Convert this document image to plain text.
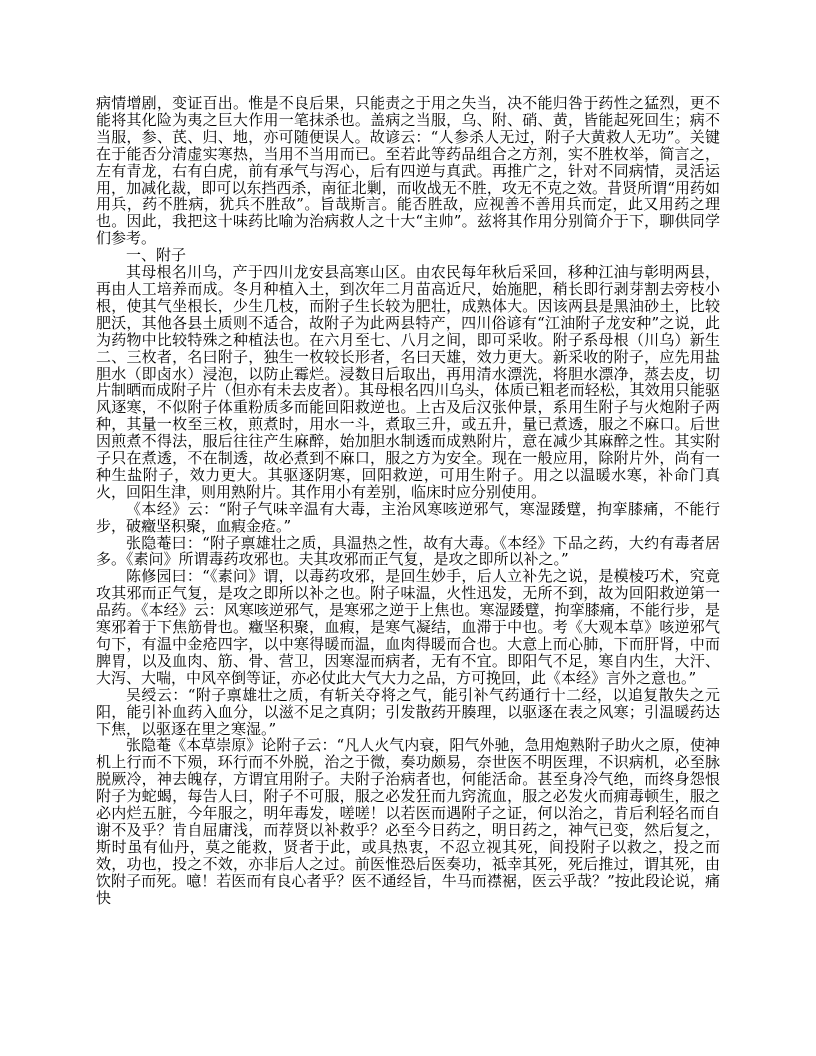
病情增剧，变证百出。惟是不良后果，只能责之于用之失当，决不能归咎于药性之猛烈，更不能将其化险为夷之巨大作用一笔抹杀也。盖病之当服，乌、附、硝、黄，皆能起死回生；病不当服，参、芪、归、地，亦可随便误人。故谚云：“人参杀人无过，附子大黄救人无功”。关键在于能否分清虚实寒热，当用不当用而已。至若此等药品组合之方剂，实不胜枚举，简言之，左有青龙，右有白虎，前有承气与泻心，后有四逆与真武。再推广之，针对不同病情，灵活运用，加减化裁，即可以东挡西杀，南征北剿，而收战无不胜，攻无不克之效。昔贤所谓“用药如用兵，药不胜病，犹兵不胜敌”。旨哉斯言。能否胜敌，应视善不善用兵而定，此又用药之理也。因此，我把这十味药比喻为治病救人之十大“主帅”。兹将其作用分别简介于下，聊供同学们参考。

一、附子

其母根名川乌，产于四川龙安县高寒山区。由农民每年秋后采回，移种江油与彰明两县，再由人工培养而成。冬月种植入土，到次年二月苗高近尺，始施肥，稍长即行剥芽割去旁枝小根，使其气坐根长，少生几枝，而附子生长较为肥壮，成熟体大。因该两县是黑油砂土，比较肥沃，其他各县土质则不适合，故附子为此两县特产，四川俗谚有“江油附子龙安种”之说，此为药物中比较特殊之种植法也。在六月至七、八月之间，即可采收。附子系母根（川乌）新生二、三枚者，名曰附子，独生一枚较长形者，名曰天雄，效力更大。新采收的附子，应先用盐胆水（即卤水）浸泡，以防止霉烂。浸数日后取出，再用清水漂洗，将胆水漂净，蒸去皮，切片制晒而成附子片（但亦有未去皮者）。其母根名四川乌头，体质已粗老而轻松，其效用只能驱风逐寒，不似附子体重粉质多而能回阳救逆也。上古及后汉张仲景，系用生附子与火炮附子两种，其量一枚至三枚，煎煮时，用水一斗，煮取三升，或五升，量已煮透，服之不麻口。后世因煎煮不得法，服后往往产生麻醉，始加胆水制透而成熟附片，意在减少其麻醉之性。其实附子只在煮透，不在制透，故必煮到不麻口，服之方为安全。现在一般应用，除附片外，尚有一种生盐附子，效力更大。其驱逐阴寒，回阳救逆，可用生附子。用之以温暖水寒，补命门真火，回阳生津，则用熟附片。其作用小有差别，临床时应分别使用。

《本经》云：“附子气味辛温有大毒，主治风寒咳逆邪气，寒湿踒躄，拘挛膝痛，不能行步，破癥坚积聚，血瘕金疮。”

张隐菴曰：“附子禀雄壮之质，具温热之性，故有大毒。《本经》下品之药，大约有毒者居多。《素问》所谓毒药攻邪也。夫其攻邪而正气复，是攻之即所以补之。”

陈修园曰：“《素问》谓，以毒药攻邪，是回生妙手，后人立补先之说，是模棱巧术，究竟攻其邪而正气复，是攻之即所以补之也。附子味温，火性迅发，无所不到，故为回阳救逆第一品药。《本经》云：风寒咳逆邪气，是寒邪之逆于上焦也。寒湿踒躄，拘挛膝痛，不能行步，是寒邪着于下焦筋骨也。癥坚积聚，血瘕，是寒气凝结，血滞于中也。考《大观本草》咳逆邪气句下，有温中金疮四字，以中寒得暖而温，血肉得暖而合也。大意上而心肺，下而肝肾，中而脾胃，以及血肉、筋、骨、营卫，因寒湿而病者，无有不宜。即阳气不足，寒自内生，大汗、大泻、大喘，中风卒倒等证，亦必仗此大气大力之品，方可挽回，此《本经》言外之意也。”

吴绶云：“附子禀雄壮之质，有斩关夺将之气，能引补气药通行十二经，以追复散失之元阳，能引补血药入血分，以滋不足之真阴；引发散药开腠理，以驱逐在表之风寒；引温暖药达下焦，以驱逐在里之寒湿。”

张隐菴《本草崇原》论附子云：“凡人火气内衰，阳气外驰，急用炮熟附子助火之原，使神机上行而不下殒，环行而不外脱，治之于微，奏功颇易，奈世医不明医理，不识病机，必至脉脱厥冷，神去魄存，方谓宜用附子。夫附子治病者也，何能活命。甚至身冷气绝，而终身怨恨附子为蛇蝎，每告人曰，附子不可服，服之必发狂而九窍流血，服之必发火而痈毒顿生，服之必内烂五脏，今年服之，明年毒发，嗟嗟！以若医而遇附子之证，何以治之，肯后利轻名而自谢不及乎？肯自屈庸浅，而荐贤以补救乎？必至今日药之，明日药之，神气已变，然后复之，斯时虽有仙丹，莫之能救，贤者于此，或具热衷，不忍立视其死，间投附子以救之，投之而效，功也，投之不效，亦非后人之过。前医惟恐后医奏功，祗幸其死，死后推过，谓其死，由饮附子而死。噫！若医而有良心者乎？医不通经旨，牛马而襟裾，医云乎哉？”按此段论说，痛快
